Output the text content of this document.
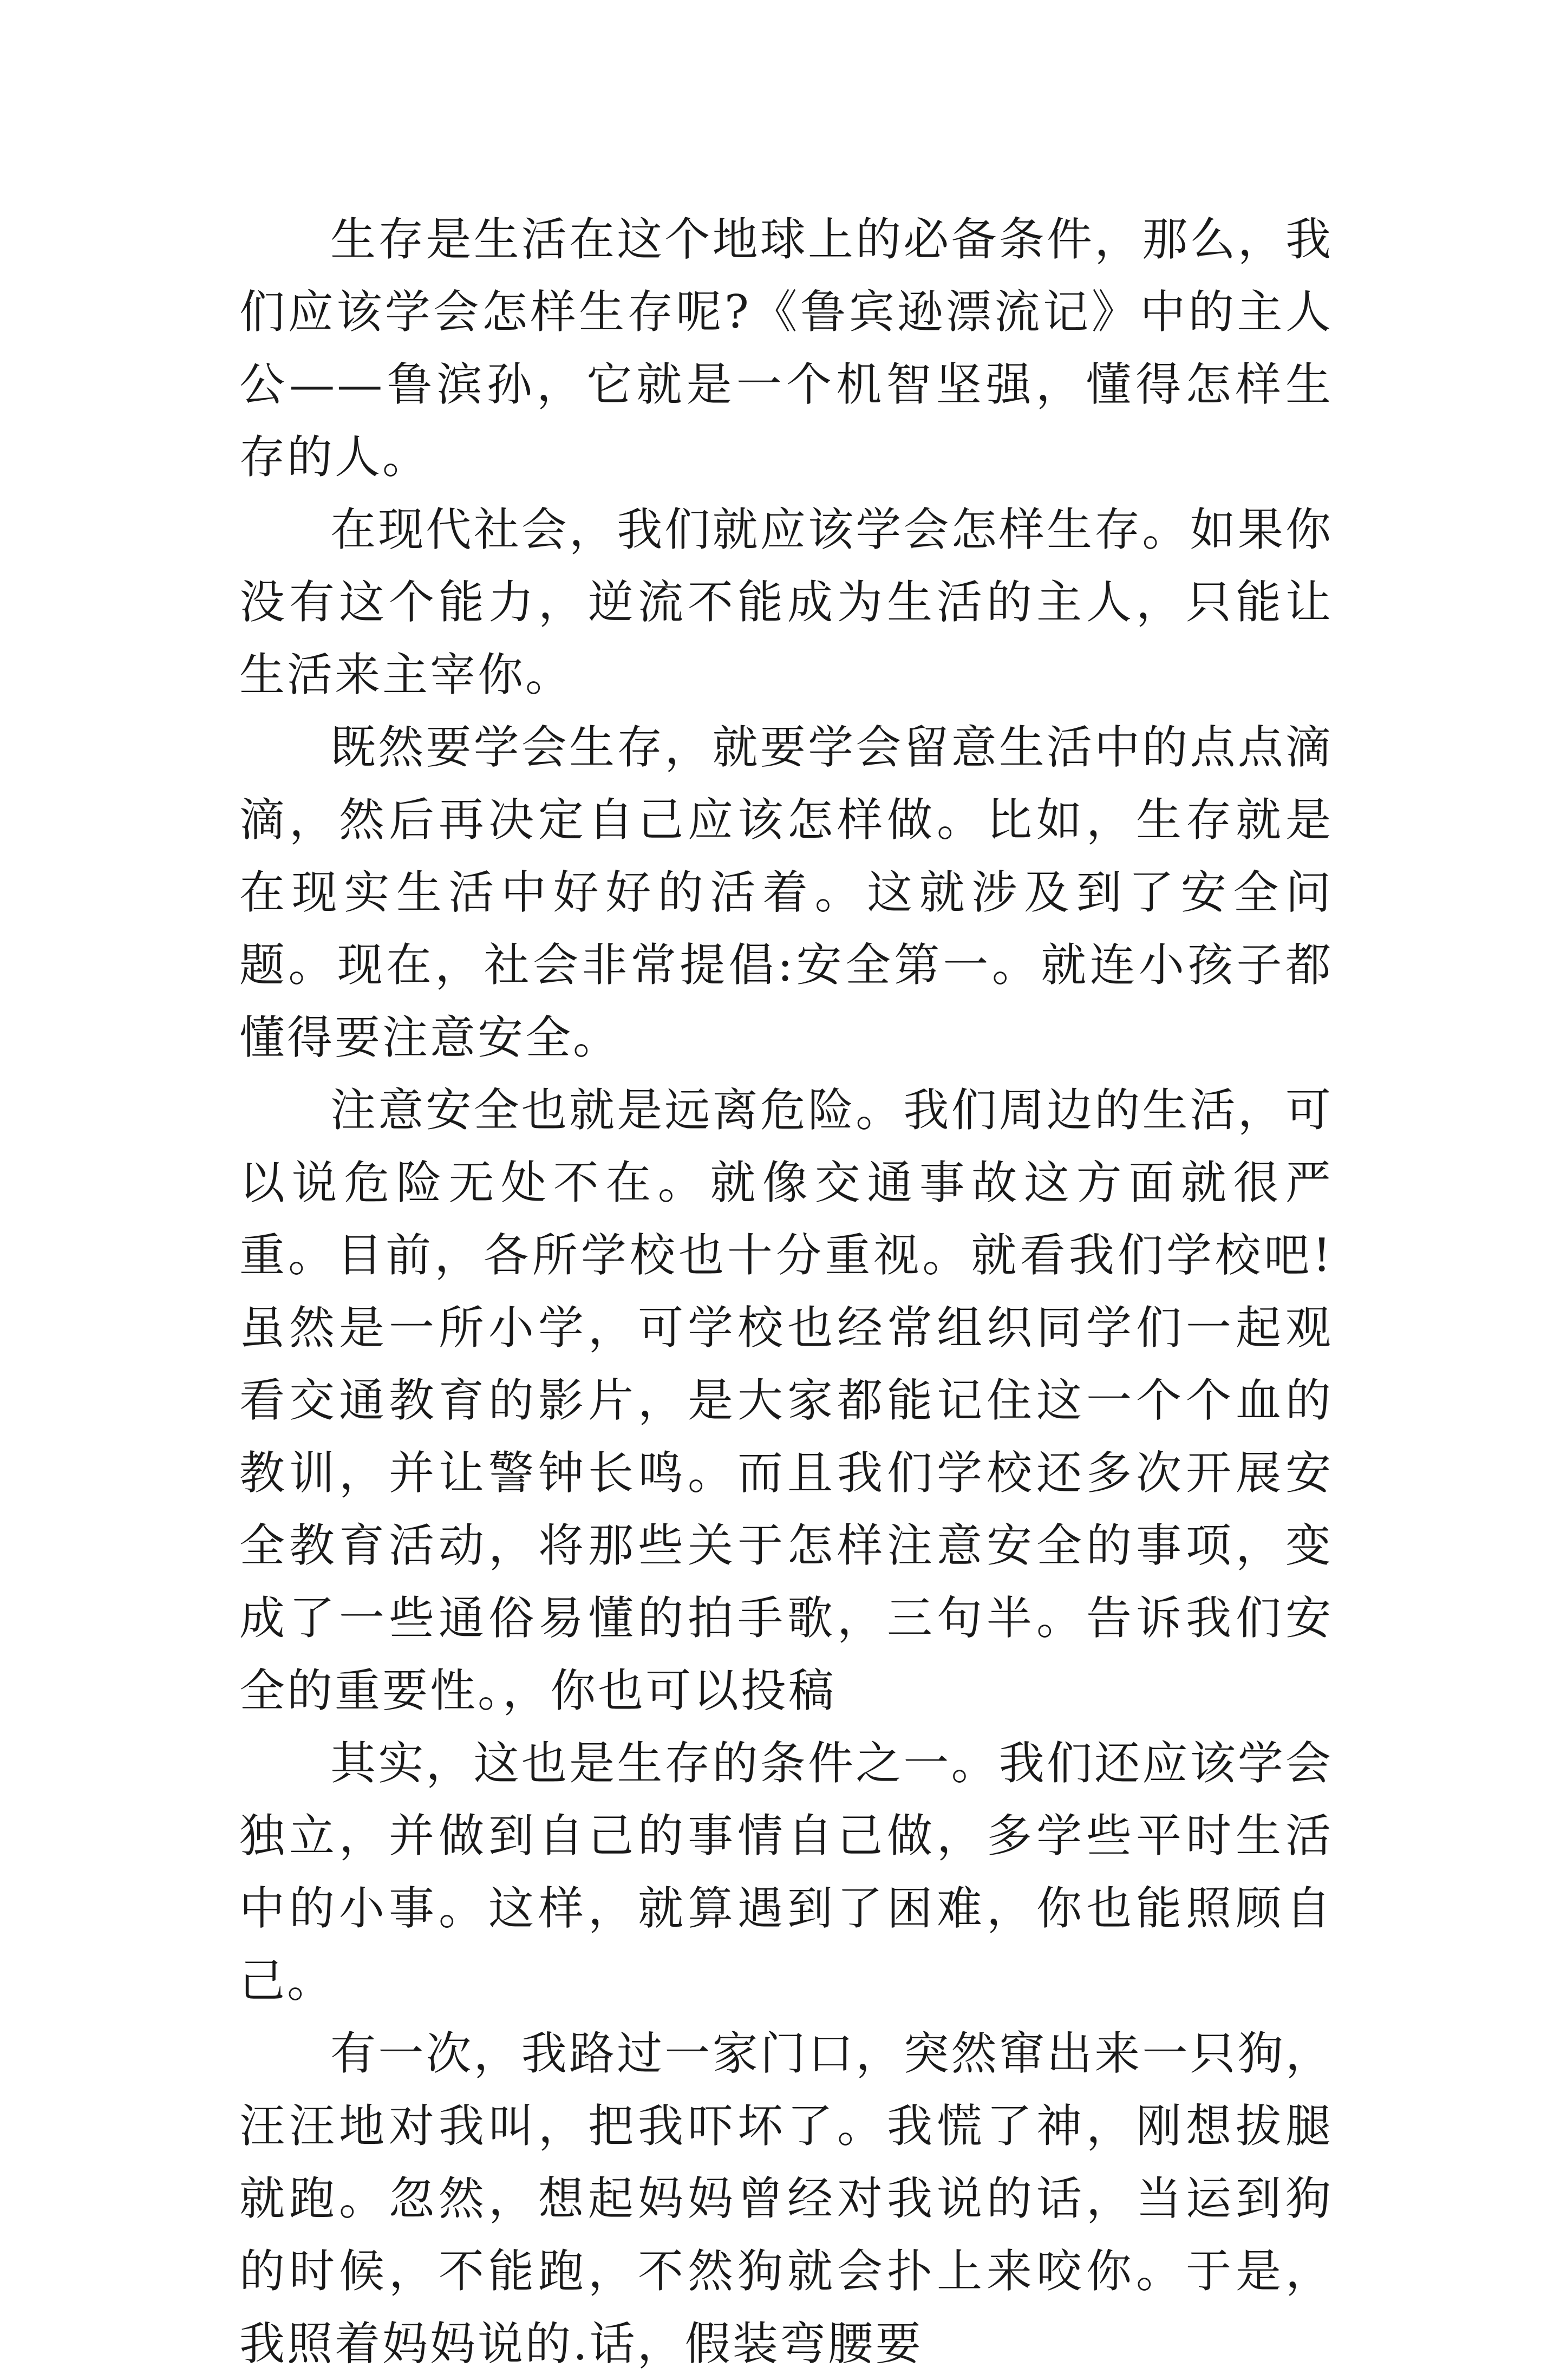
生存是生活在这个地球上的必备条件，那么，我们应该学会怎样生存呢?《鲁宾逊漂流记》中的主人公——鲁滨孙，它就是一个机智坚强，懂得怎样生存的人。

在现代社会，我们就应该学会怎样生存。如果你没有这个能力，逆流不能成为生活的主人，只能让生活来主宰你。

既然要学会生存，就要学会留意生活中的点点滴滴，然后再决定自己应该怎样做。比如，生存就是在现实生活中好好的活着。这就涉及到了安全问题。现在，社会非常提倡:安全第一。就连小孩子都懂得要注意安全。

注意安全也就是远离危险。我们周边的生活，可以说危险无处不在。就像交通事故这方面就很严重。目前，各所学校也十分重视。就看我们学校吧!虽然是一所小学，可学校也经常组织同学们一起观看交通教育的影片，是大家都能记住这一个个血的教训，并让警钟长鸣。而且我们学校还多次开展安全教育活动，将那些关于怎样注意安全的事项，变成了一些通俗易懂的拍手歌，三句半。告诉我们安全的重要性。，你也可以投稿

其实，这也是生存的条件之一。我们还应该学会独立，并做到自己的事情自己做，多学些平时生活中的小事。这样，就算遇到了困难，你也能照顾自己。

有一次，我路过一家门口，突然窜出来一只狗，汪汪地对我叫，把我吓坏了。我慌了神，刚想拔腿就跑。忽然，想起妈妈曾经对我说的话，当运到狗的时候，不能跑，不然狗就会扑上来咬你。于是，我照着妈妈说的.话，假装弯腰要
